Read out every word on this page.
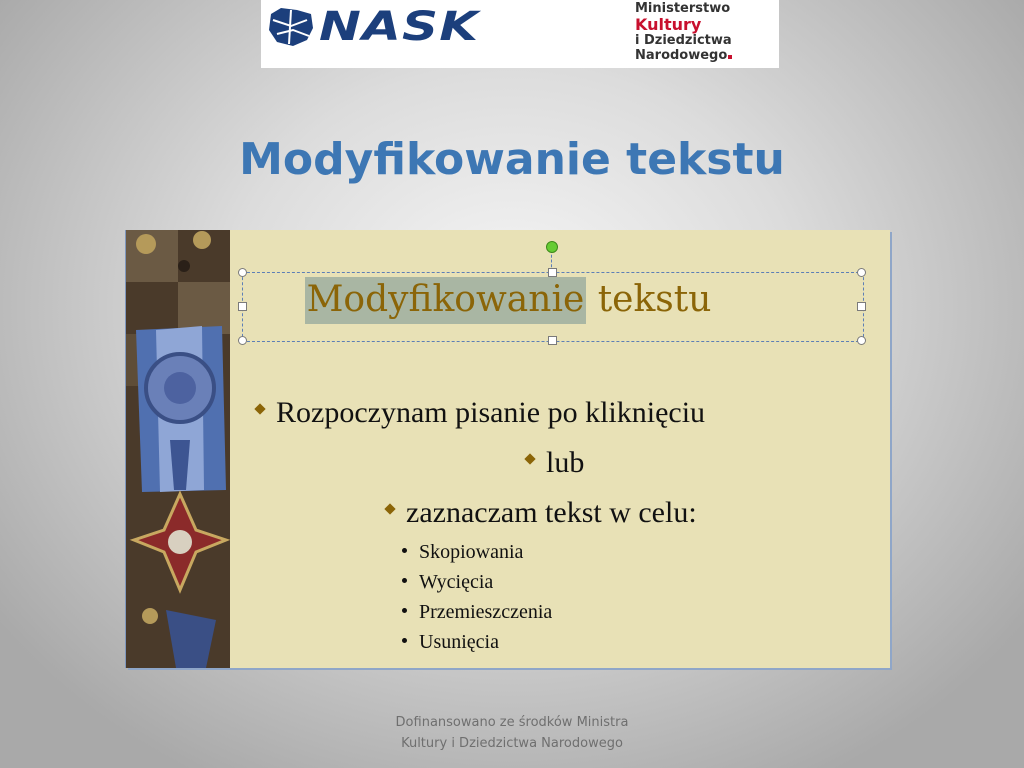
NASK	Ministerstwo
Kultury
i Dziedzictwa
Narodowego
Modyfikowanie tekstu
Modyfikowanie tekstu
Rozpoczynam pisanie po kliknięciu
lub
zaznaczam tekst w celu:
Skopiowania
Wycięcia
Przemieszczenia
Usunięcia
Dofinansowano ze środków Ministra
Kultury i Dziedzictwa Narodowego
